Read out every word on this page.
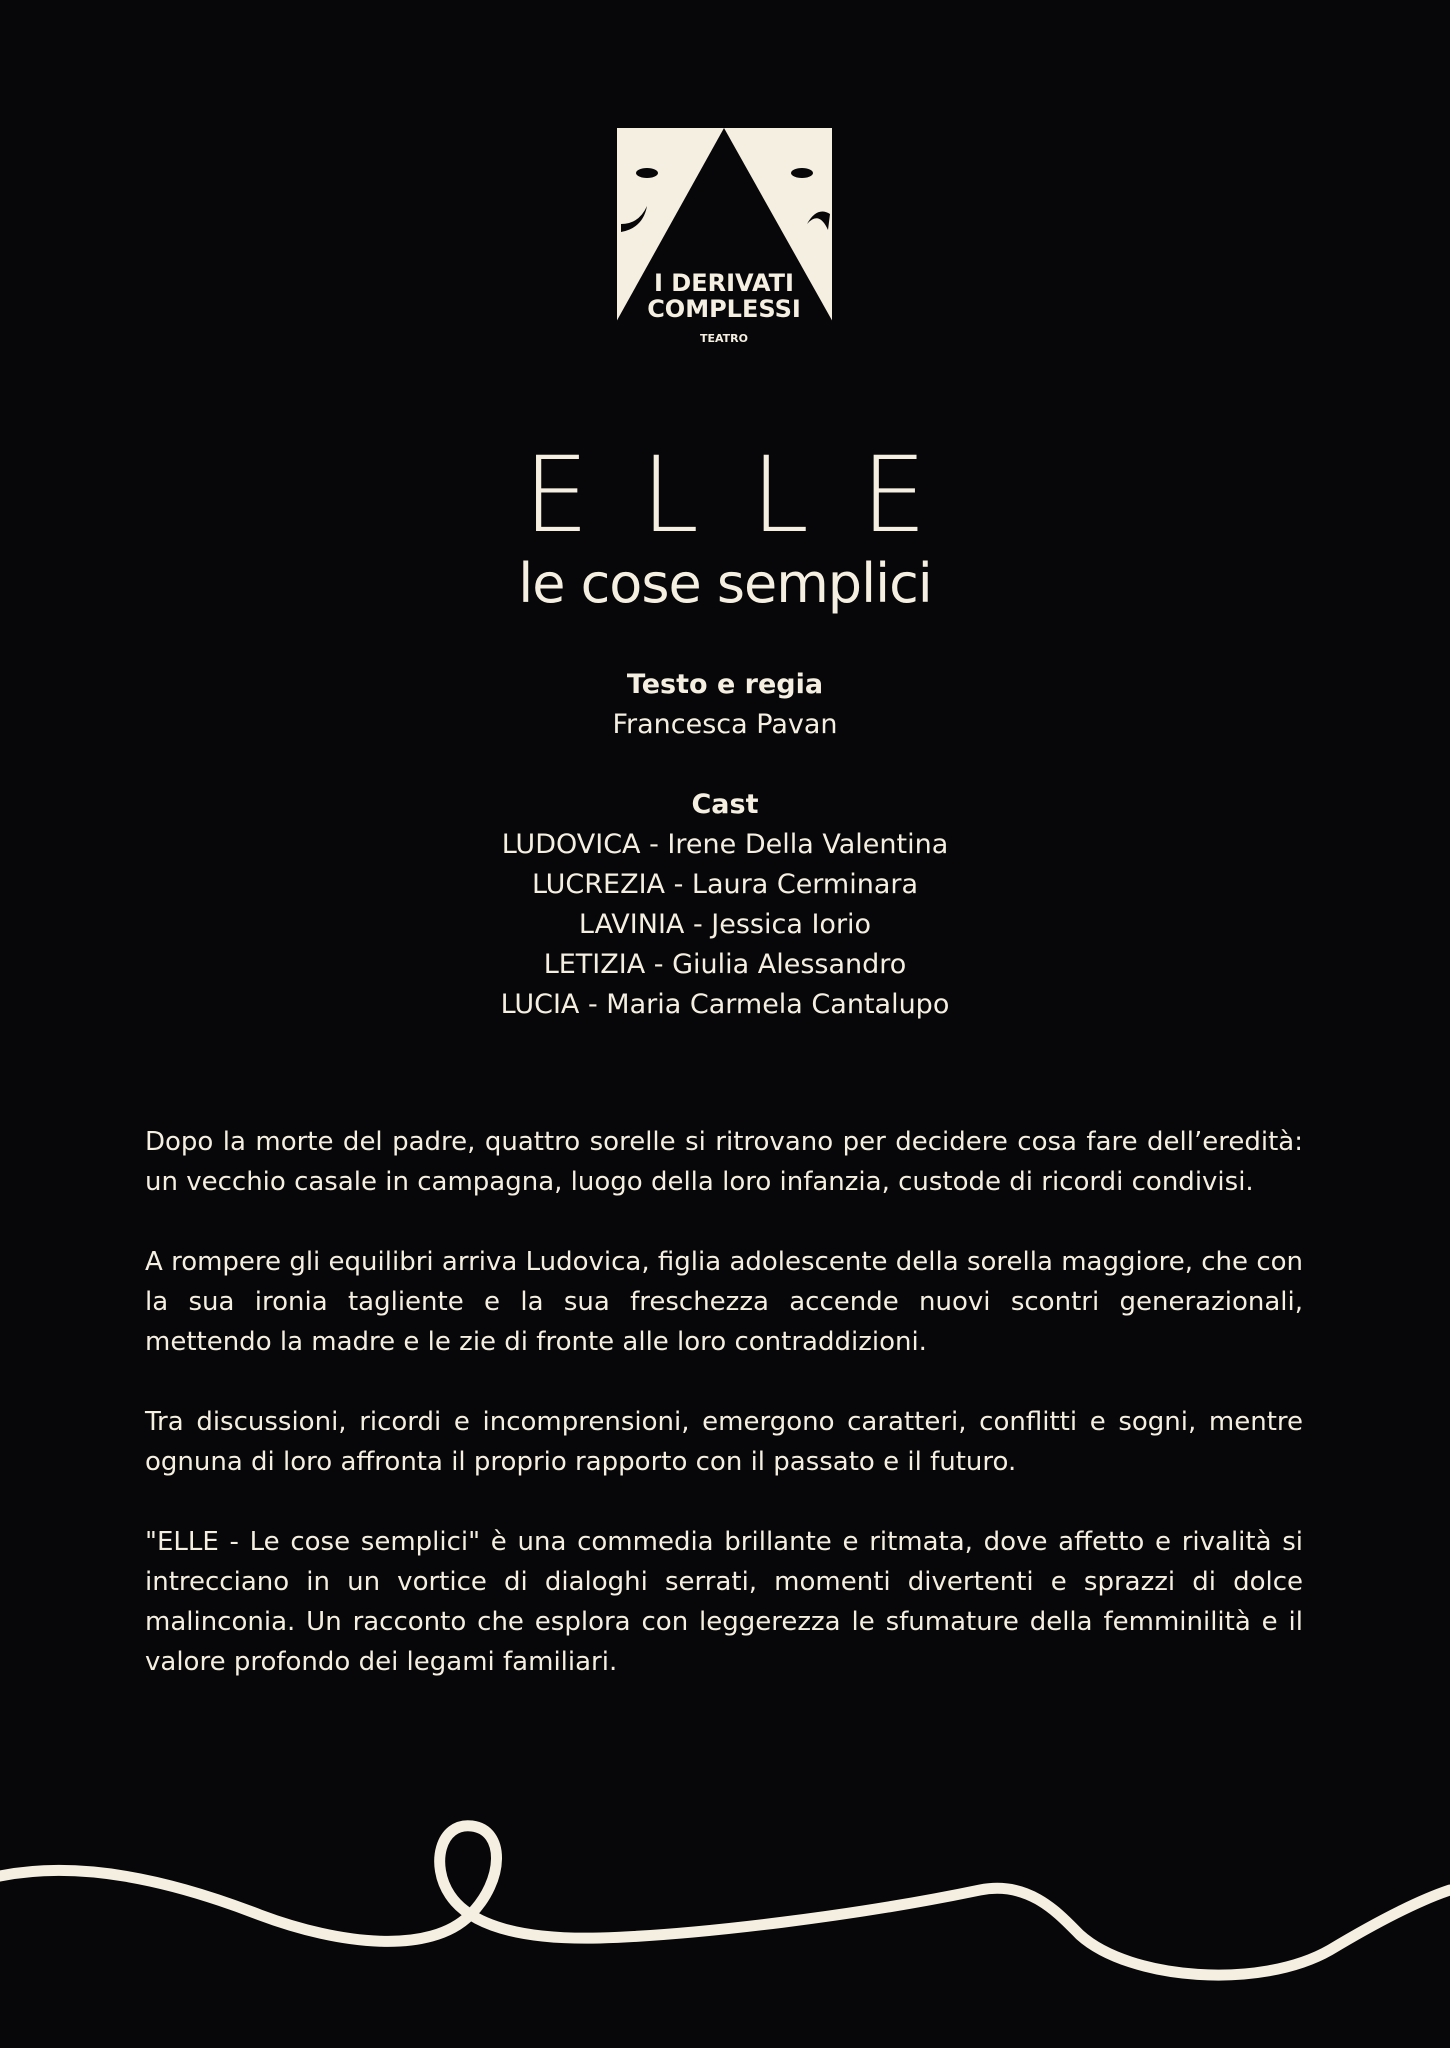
I DERIVATI
COMPLESSI
TEATRO
ELLE
le cose semplici
Testo e regia
Francesca Pavan
Cast
LUDOVICA - Irene Della Valentina
LUCREZIA - Laura Cerminara
LAVINIA - Jessica Iorio
LETIZIA - Giulia Alessandro
LUCIA - Maria Carmela Cantalupo

Dopo la morte del padre, quattro sorelle si ritrovano per decidere cosa fare dell’eredità: un vecchio casale in campagna, luogo della loro infanzia, custode di ricordi condivisi.

A rompere gli equilibri arriva Ludovica, figlia adolescente della sorella maggiore, che con la sua ironia tagliente e la sua freschezza accende nuovi scontri generazionali, mettendo la madre e le zie di fronte alle loro contraddizioni.

Tra discussioni, ricordi e incomprensioni, emergono caratteri, conflitti e sogni, mentre ognuna di loro affronta il proprio rapporto con il passato e il futuro.

"ELLE - Le cose semplici" è una commedia brillante e ritmata, dove affetto e rivalità si intrecciano in un vortice di dialoghi serrati, momenti divertenti e sprazzi di dolce malinconia. Un racconto che esplora con leggerezza le sfumature della femminilità e il valore profondo dei legami familiari.
